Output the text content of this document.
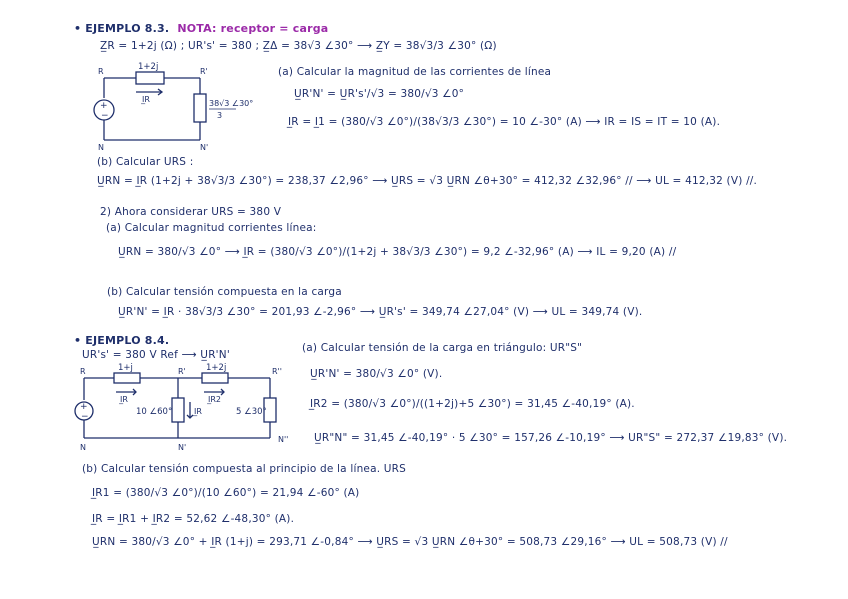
• EJEMPLO 8.3. NOTA: receptor = carga
Z̲R = 1+2j (Ω) ; UR's' = 380 ; Z̲Δ = 38√3 ∠30° ⟶ Z̲Y = 38√3/3 ∠30° (Ω)
+
−
R	R'
N	N'
1+2j
I̲R	38√3 ∠30°
3
(a) Calcular la magnitud de las corrientes de línea
U̲R'N' = U̲R's'/√3 = 380/√3 ∠0°
I̲R = I̲1 = (380/√3 ∠0°)/(38√3/3 ∠30°) = 10 ∠-30° (A) ⟶ IR = IS = IT = 10 (A).
(b) Calcular URS :
U̲RN = I̲R (1+2j + 38√3/3 ∠30°) = 238,37 ∠2,96° ⟶ U̲RS = √3 U̲RN ∠θ+30° = 412,32 ∠32,96° // ⟶ UL = 412,32 (V) //.
2) Ahora considerar URS = 380 V
(a) Calcular magnitud corrientes línea:
U̲RN = 380/√3 ∠0° ⟶ I̲R = (380/√3 ∠0°)/(1+2j + 38√3/3 ∠30°) = 9,2 ∠-32,96° (A) ⟶ IL = 9,20 (A) //
(b) Calcular tensión compuesta en la carga
U̲R'N' = I̲R · 38√3/3 ∠30° = 201,93 ∠-2,96° ⟶ U̲R's' = 349,74 ∠27,04° (V) ⟶ UL = 349,74 (V).
• EJEMPLO 8.4.
UR's' = 380 V Ref ⟶ U̲R'N'
+
−
R	R'	R''
N	N'
N''
1+j	1+2j
I̲R	I̲R2
I̲R
10 ∠60°	5 ∠30°
(a) Calcular tensión de la carga en triángulo: UR"S"
U̲R'N' = 380/√3 ∠0° (V).
I̲R2 = (380/√3 ∠0°)/((1+2j)+5 ∠30°) = 31,45 ∠-40,19° (A).
U̲R"N" = 31,45 ∠-40,19° · 5 ∠30° = 157,26 ∠-10,19° ⟶ UR"S" = 272,37 ∠19,83° (V).
(b) Calcular tensión compuesta al principio de la línea. URS
I̲R1 = (380/√3 ∠0°)/(10 ∠60°) = 21,94 ∠-60° (A)
I̲R = I̲R1 + I̲R2 = 52,62 ∠-48,30° (A).
U̲RN = 380/√3 ∠0° + I̲R (1+j) = 293,71 ∠-0,84° ⟶ U̲RS = √3 U̲RN ∠θ+30° = 508,73 ∠29,16° ⟶ UL = 508,73 (V) //
